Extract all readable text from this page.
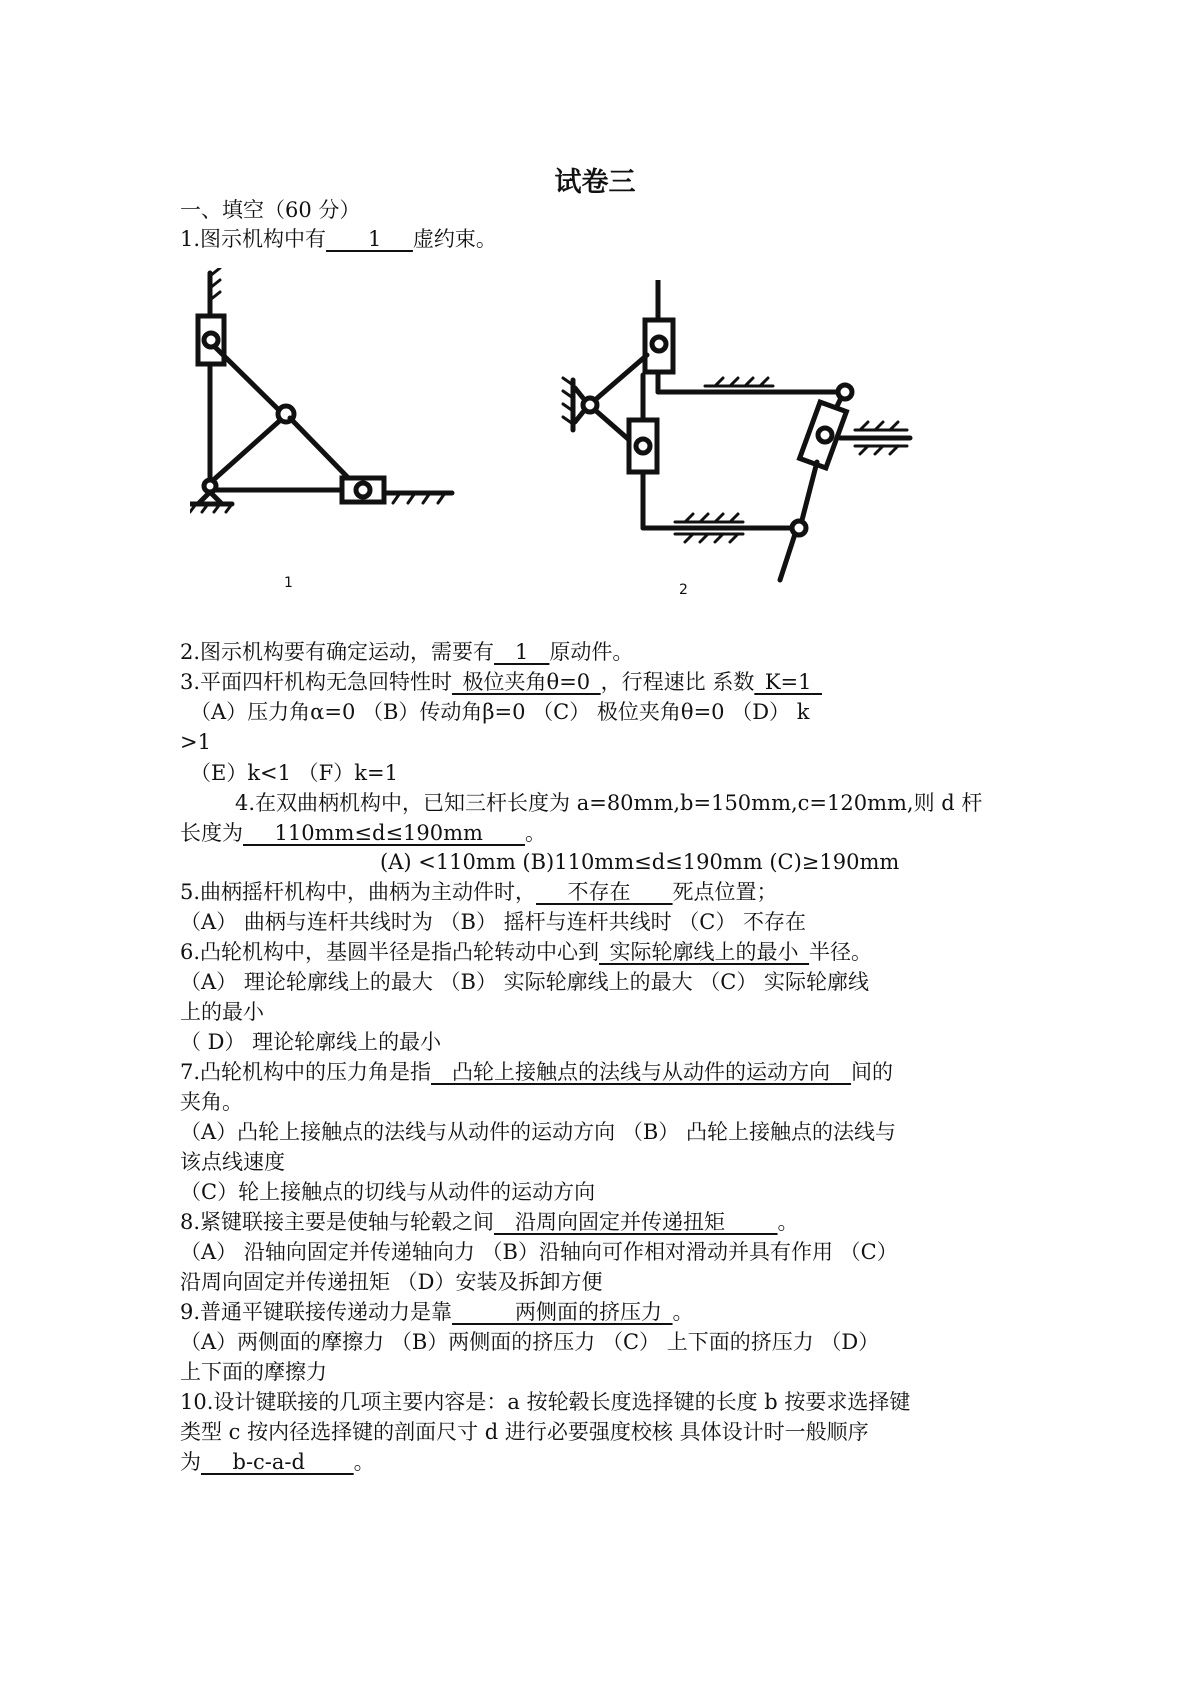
试卷三
一、填空（60 分）
1.图示机构中有____1___虚约束。
1	2
2.图示机构要有确定运动，需要有__1__原动件。
3.平面四杆机构无急回特性时_极位夹角θ=0_，行程速比 系数_K=1_
（A）压力角α=0 （B）传动角β=0 （C） 极位夹角θ=0 （D） k
>1
（E）k<1 （F）k=1
4.在双曲柄机构中，已知三杆长度为 a=80mm,b=150mm,c=120mm,则 d 杆
长度为___110mm≤d≤190mm____。
(A) <110mm (B)110mm≤d≤190mm (C)≥190mm
5.曲柄摇杆机构中，曲柄为主动件时，___不存在____死点位置；
（A） 曲柄与连杆共线时为 （B） 摇杆与连杆共线时 （C） 不存在
6.凸轮机构中，基圆半径是指凸轮转动中心到_实际轮廓线上的最小_半径。
（A） 理论轮廓线上的最大 （B） 实际轮廓线上的最大 （C） 实际轮廓线
上的最小
（ D） 理论轮廓线上的最小
7.凸轮机构中的压力角是指__凸轮上接触点的法线与从动件的运动方向__间的
夹角。
（A）凸轮上接触点的法线与从动件的运动方向 （B） 凸轮上接触点的法线与
该点线速度
（C）轮上接触点的切线与从动件的运动方向
8.紧键联接主要是使轴与轮毂之间__沿周向固定并传递扭矩_____。
（A） 沿轴向固定并传递轴向力 （B）沿轴向可作相对滑动并具有作用 （C）
沿周向固定并传递扭矩 （D）安装及拆卸方便
9.普通平键联接传递动力是靠______两侧面的挤压力_。
（A）两侧面的摩擦力 （B）两侧面的挤压力 （C） 上下面的挤压力 （D）
上下面的摩擦力
10.设计键联接的几项主要内容是：a 按轮毂长度选择键的长度 b 按要求选择键
类型 c 按内径选择键的剖面尺寸 d 进行必要强度校核 具体设计时一般顺序
为___b-c-a-d ____。
